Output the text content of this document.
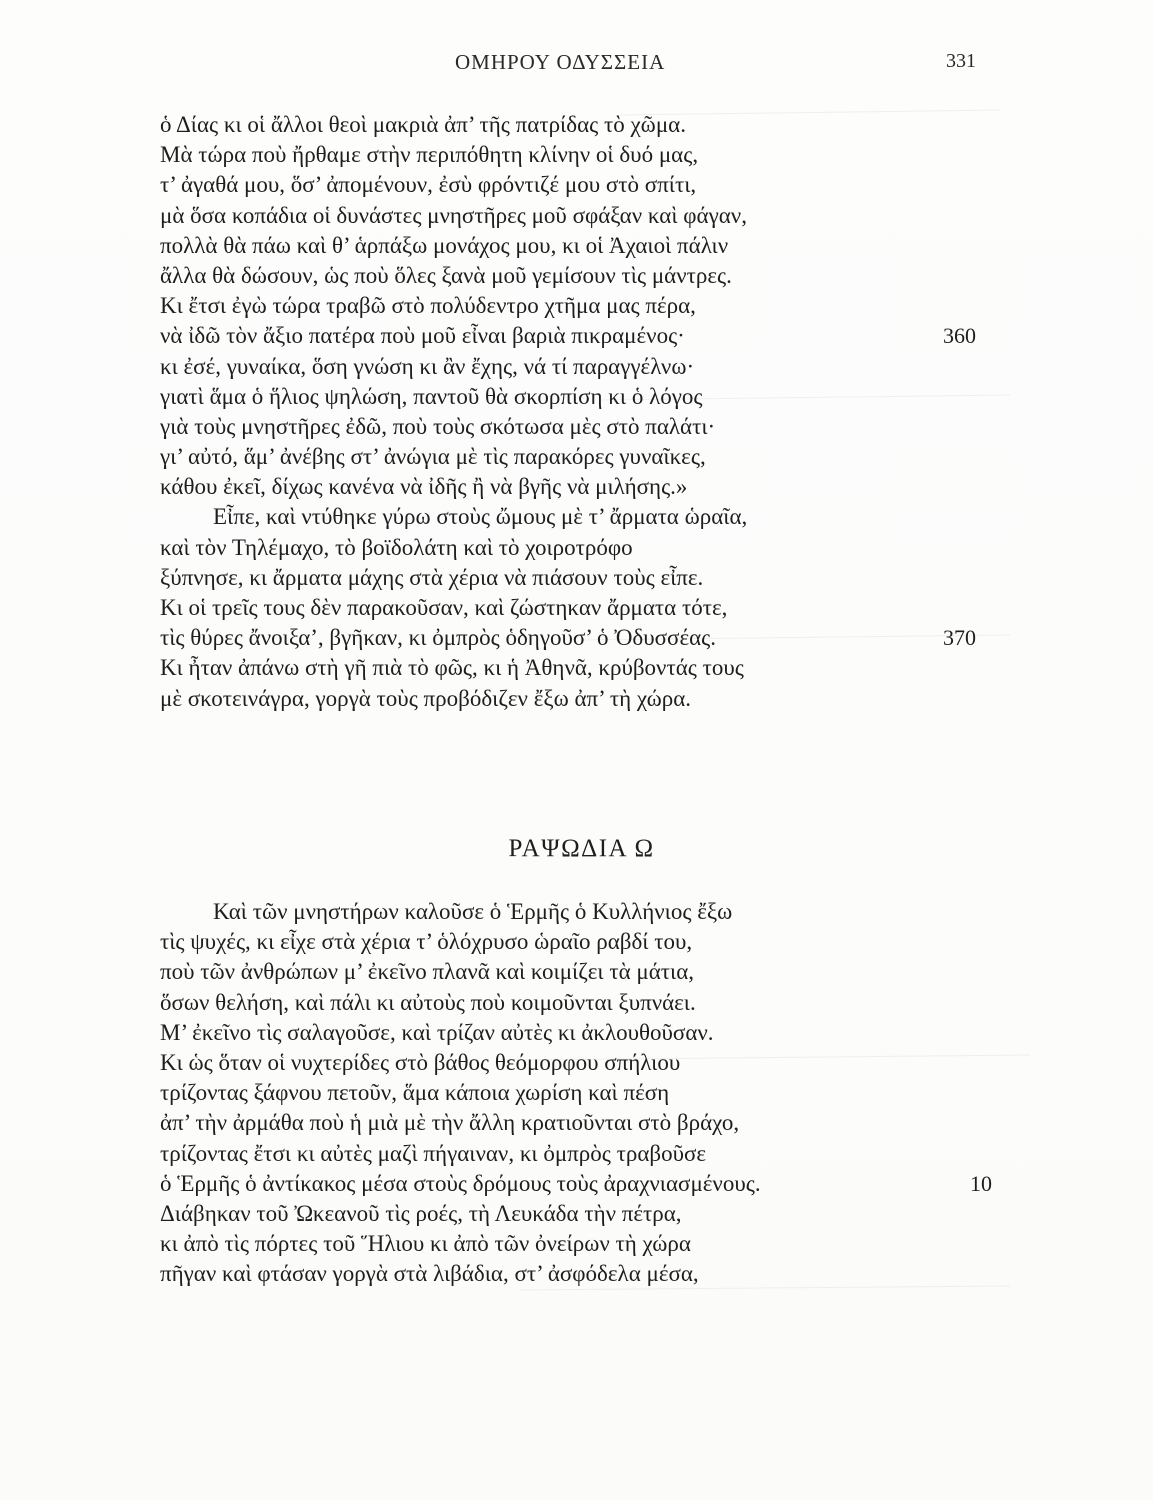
ΟΜΗΡΟΥ ΟΔΥΣΣΕΙΑ	331
ὁ Δίας κι οἱ ἄλλοι θεοὶ μακριὰ ἀπ’ τῆς πατρίδας τὸ χῶμα.
Μὰ τώρα ποὺ ἤρθαμε στὴν περιπόθητη κλίνην οἱ δυό μας,
τ’ ἀγαθά μου, ὅσ’ ἀπομένουν, ἐσὺ φρόντιζέ μου στὸ σπίτι,
μὰ ὅσα κοπάδια οἱ δυνάστες μνηστῆρες μοῦ σφάξαν καὶ φάγαν,
πολλὰ θὰ πάω καὶ θ’ ἁρπάξω μονάχος μου, κι οἱ Ἀχαιοὶ πάλιν
ἄλλα θὰ δώσουν, ὡς ποὺ ὅλες ξανὰ μοῦ γεμίσουν τὶς μάντρες.
Κι ἔτσι ἐγὼ τώρα τραβῶ στὸ πολύδεντρο χτῆμα μας πέρα,
νὰ ἰδῶ τὸν ἄξιο πατέρα ποὺ μοῦ εἶναι βαριὰ πικραμένος·	360
κι ἐσέ, γυναίκα, ὅση γνώση κι ἂν ἔχης, νά τί παραγγέλνω·
γιατὶ ἅμα ὁ ἥλιος ψηλώση, παντοῦ θὰ σκορπίση κι ὁ λόγος
γιὰ τοὺς μνηστῆρες ἐδῶ, ποὺ τοὺς σκότωσα μὲς στὸ παλάτι·
γι’ αὐτό, ἅμ’ ἀνέβης στ’ ἀνώγια μὲ τὶς παρακόρες γυναῖκες,
κάθου ἐκεῖ, δίχως κανένα νὰ ἰδῆς ἢ νὰ βγῆς νὰ μιλήσης.»
Εἶπε, καὶ ντύθηκε γύρω στοὺς ὤμους μὲ τ’ ἄρματα ὡραῖα,
καὶ τὸν Τηλέμαχο, τὸ βοϊδολάτη καὶ τὸ χοιροτρόφο
ξύπνησε, κι ἄρματα μάχης στὰ χέρια νὰ πιάσουν τοὺς εἶπε.
Κι οἱ τρεῖς τους δὲν παρακοῦσαν, καὶ ζώστηκαν ἄρματα τότε,
τὶς θύρες ἄνοιξα’, βγῆκαν, κι ὀμπρὸς ὁδηγοῦσ’ ὁ Ὀδυσσέας.	370
Κι ἦταν ἀπάνω στὴ γῆ πιὰ τὸ φῶς, κι ἡ Ἀθηνᾶ, κρύβοντάς τους
μὲ σκοτεινάγρα, γοργὰ τοὺς προβόδιζεν ἔξω ἀπ’ τὴ χώρα.
ΡΑΨΩΔΙΑ Ω
Καὶ τῶν μνηστήρων καλοῦσε ὁ Ἑρμῆς ὁ Κυλλήνιος ἔξω
τὶς ψυχές, κι εἶχε στὰ χέρια τ’ ὁλόχρυσο ὡραῖο ραβδί του,
ποὺ τῶν ἀνθρώπων μ’ ἐκεῖνο πλανᾶ καὶ κοιμίζει τὰ μάτια,
ὅσων θελήση, καὶ πάλι κι αὐτοὺς ποὺ κοιμοῦνται ξυπνάει.
Μ’ ἐκεῖνο τὶς σαλαγοῦσε, καὶ τρίζαν αὐτὲς κι ἀκλουθοῦσαν.
Κι ὡς ὅταν οἱ νυχτερίδες στὸ βάθος θεόμορφου σπήλιου
τρίζοντας ξάφνου πετοῦν, ἅμα κάποια χωρίση καὶ πέση
ἀπ’ τὴν ἀρμάθα ποὺ ἡ μιὰ μὲ τὴν ἄλλη κρατιοῦνται στὸ βράχο,
τρίζοντας ἔτσι κι αὐτὲς μαζὶ πήγαιναν, κι ὀμπρὸς τραβοῦσε
ὁ Ἑρμῆς ὁ ἀντίκακος μέσα στοὺς δρόμους τοὺς ἀραχνιασμένους.	10
Διάβηκαν τοῦ Ὠκεανοῦ τὶς ροές, τὴ Λευκάδα τὴν πέτρα,
κι ἀπὸ τὶς πόρτες τοῦ Ἥλιου κι ἀπὸ τῶν ὀνείρων τὴ χώρα
πῆγαν καὶ φτάσαν γοργὰ στὰ λιβάδια, στ’ ἀσφόδελα μέσα,
